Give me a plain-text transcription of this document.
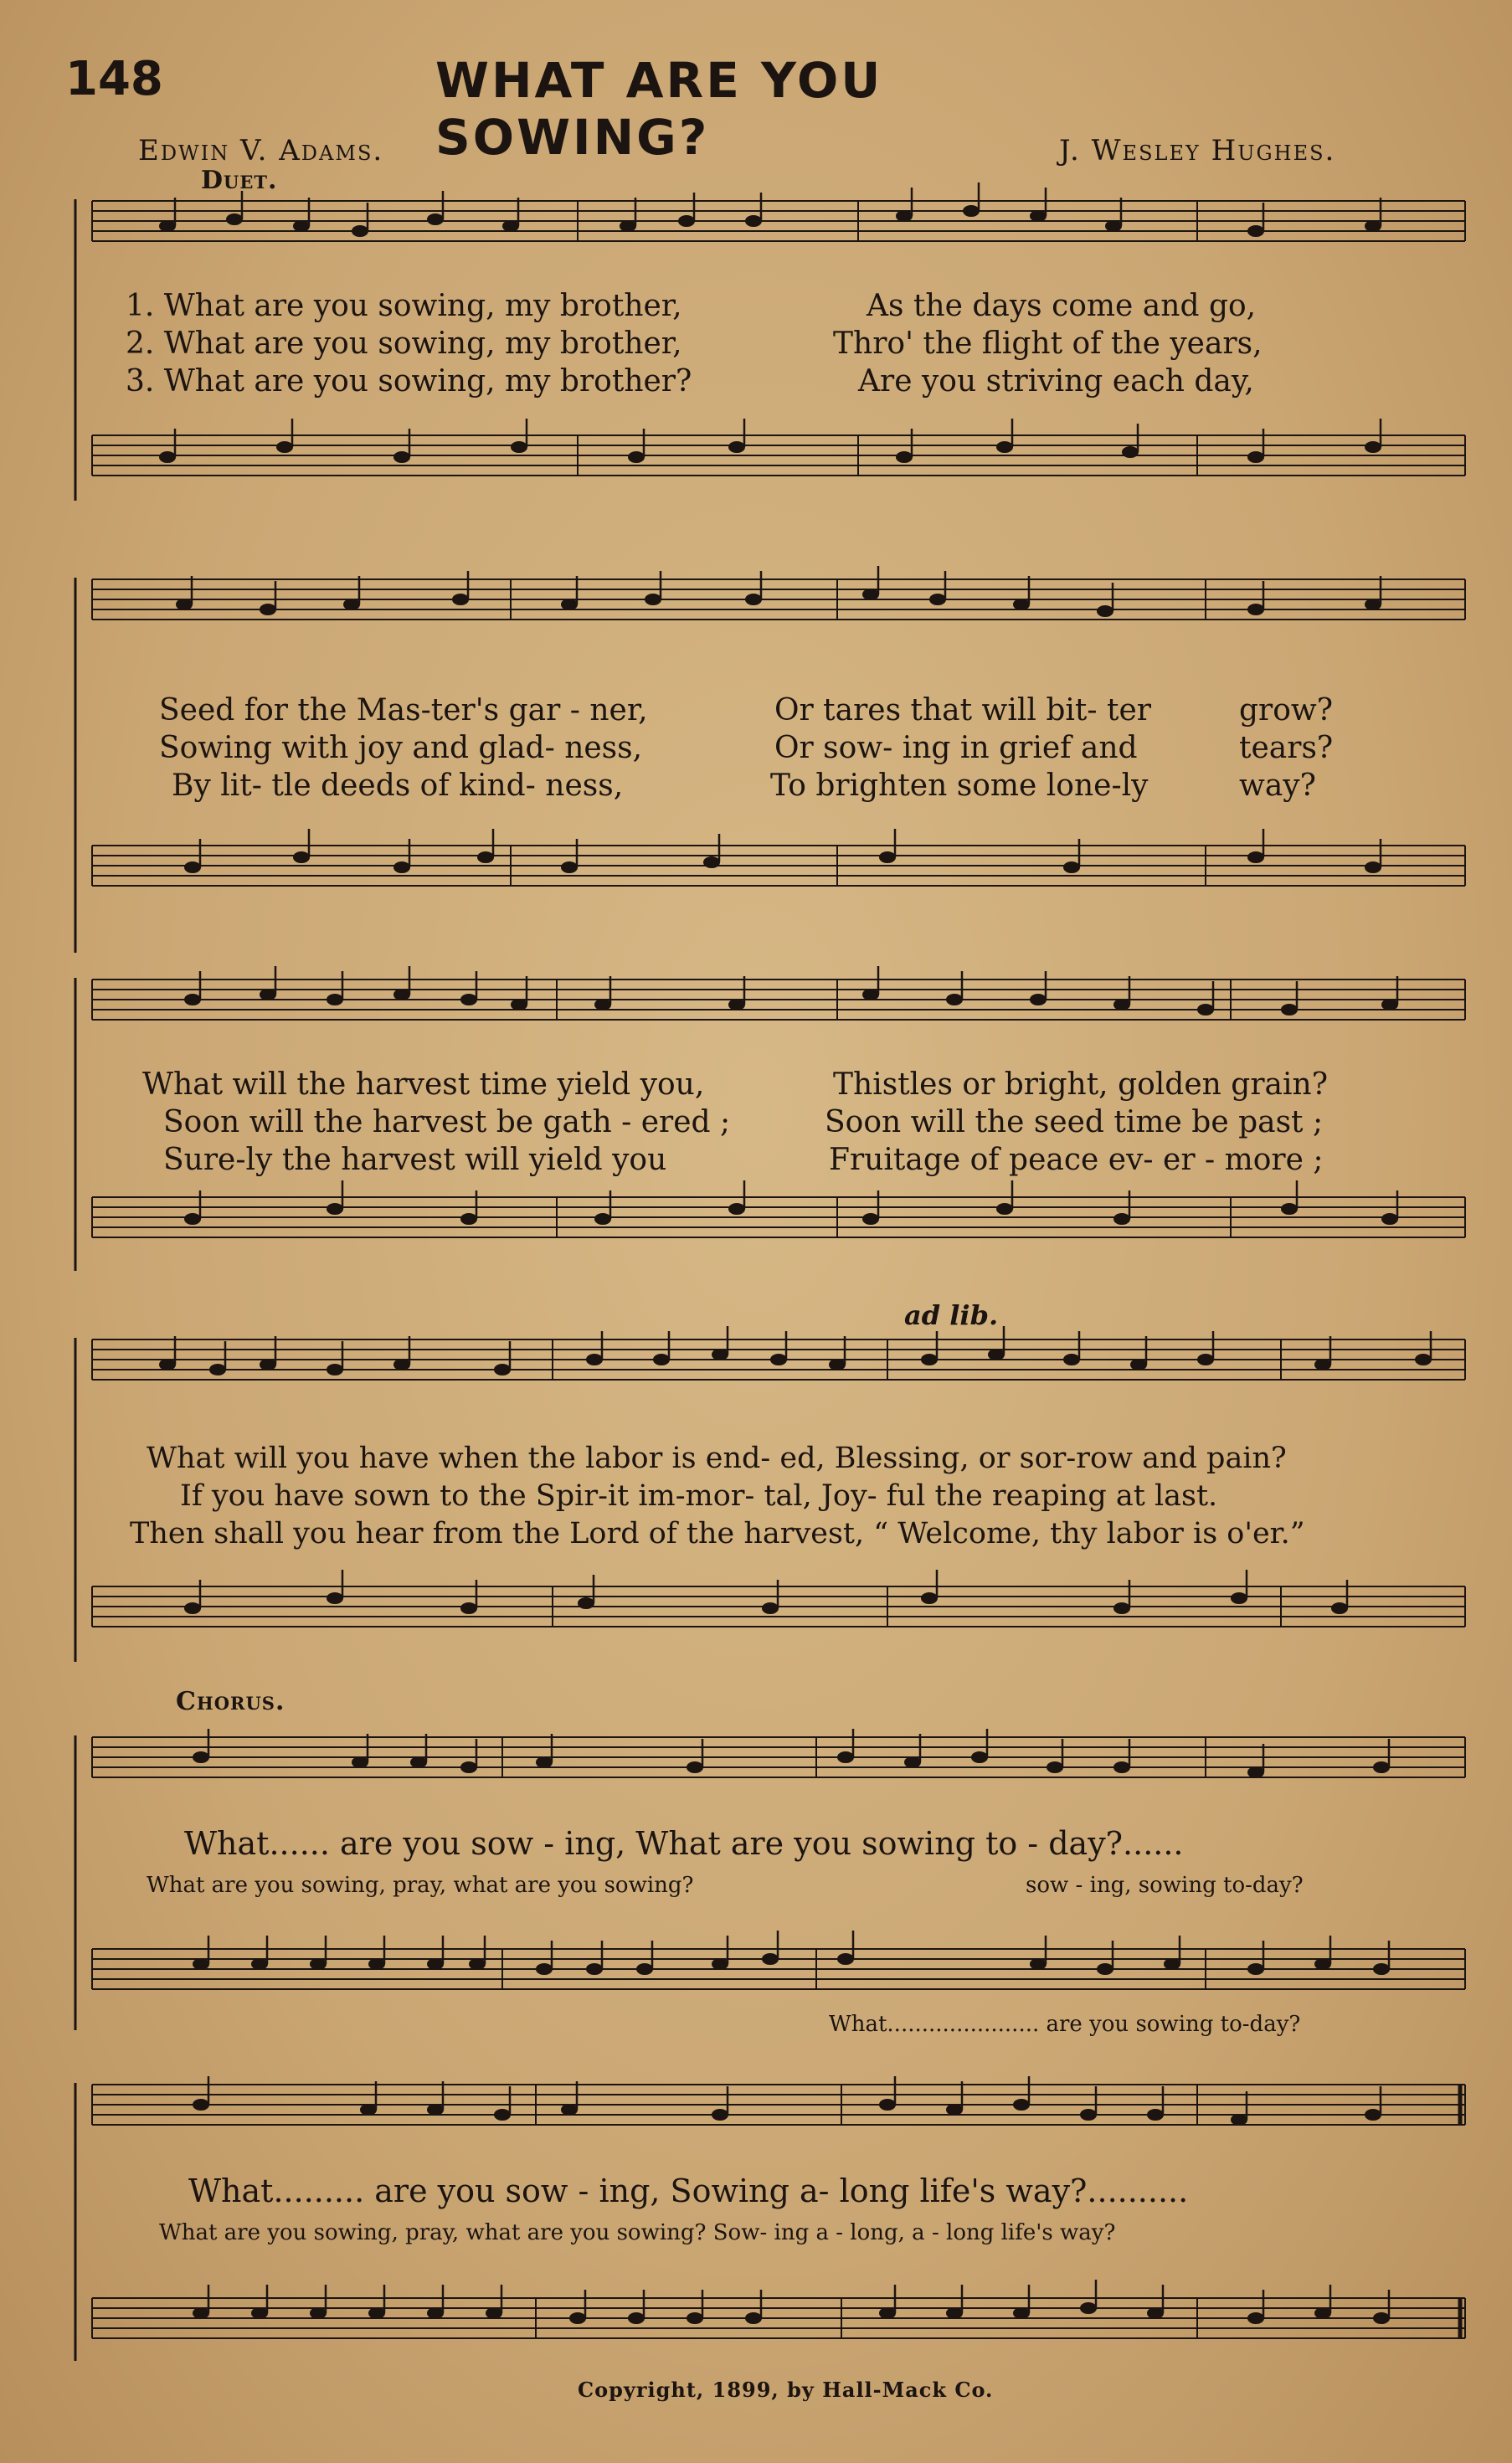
148	WHAT ARE YOU SOWING?
Edwin V. Adams.	J. Wesley Hughes.
Duet.
1. What are you sowing, my brother,	As the days come and go,
2. What are you sowing, my brother,	Thro' the flight of the years,
3. What are you sowing, my brother?	Are you striving each day,
Seed for the Mas-ter's gar - ner,	Or tares that will bit- ter	grow?
Sowing with joy and glad- ness,	Or sow- ing in grief and	tears?
By lit- tle deeds of kind- ness,	To brighten some lone-ly	way?
What will the harvest time yield you,	Thistles or bright, golden grain?
Soon will the harvest be gath - ered ;	Soon will the seed time be past ;
Sure-ly the harvest will yield you	Fruitage of peace ev- er - more ;
ad lib.
What will you have when the labor is end- ed, Blessing, or sor-row and pain?
If you have sown to the Spir-it im-mor- tal, Joy- ful the reaping at last.
Then shall you hear from the Lord of the harvest, “ Welcome, thy labor is o'er.”
Chorus.
What...... are you sow - ing, What are you sowing to - day?......
What are you sowing, pray, what are you sowing?	sow - ing, sowing to-day?
What...................... are you sowing to-day?
What......... are you sow - ing, Sowing a- long life's way?..........
What are you sowing, pray, what are you sowing? Sow- ing a - long, a - long life's way?
Copyright, 1899, by Hall-Mack Co.
